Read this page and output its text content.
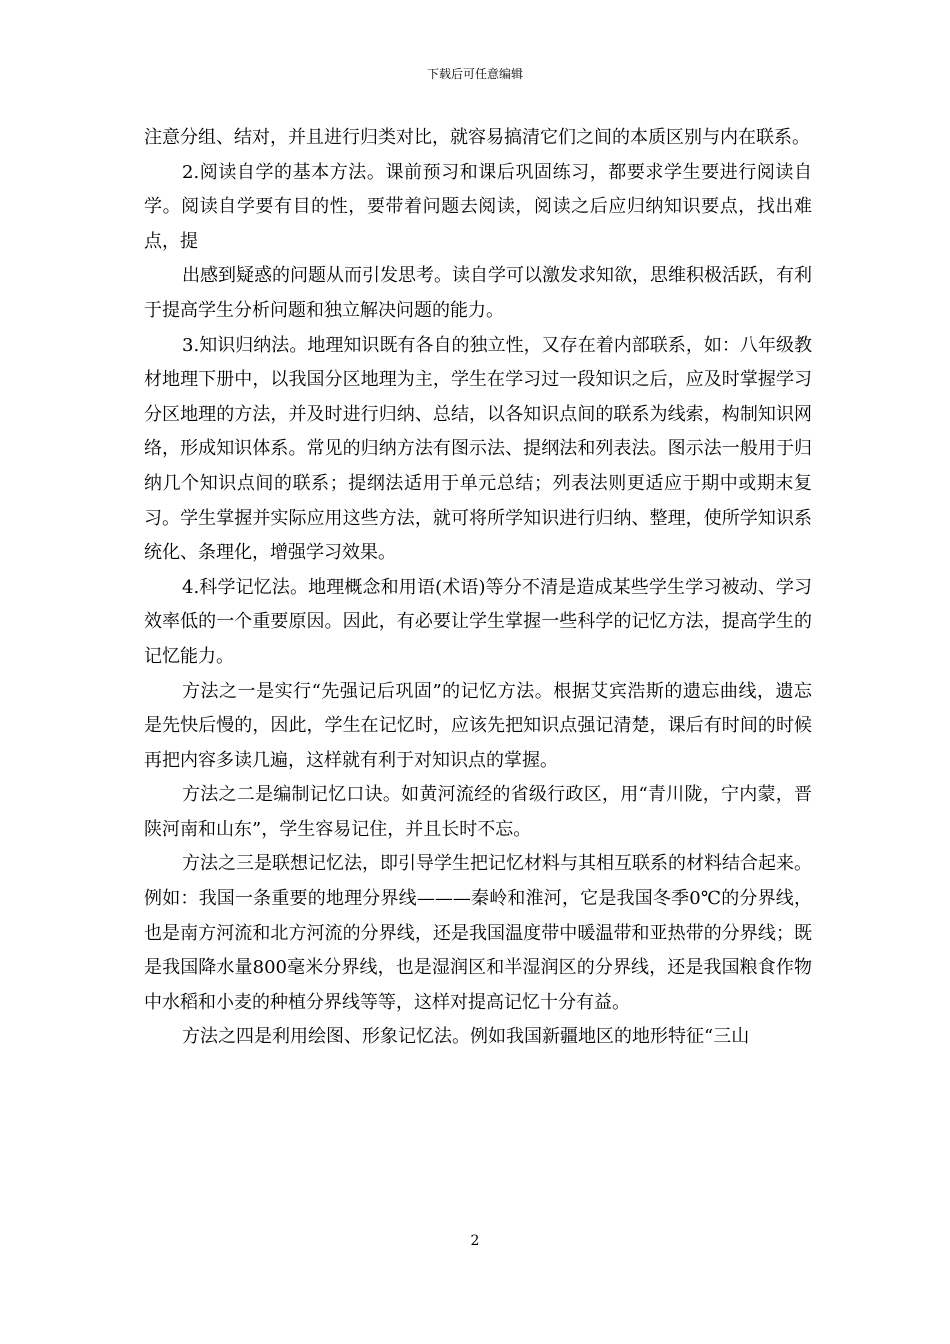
下载后可任意编辑

注意分组、结对，并且进行归类对比，就容易搞清它们之间的本质区别与内在联系。

2.阅读自学的基本方法。课前预习和课后巩固练习，都要求学生要进行阅读自学。阅读自学要有目的性，要带着问题去阅读，阅读之后应归纳知识要点，找出难点，提

出感到疑惑的问题从而引发思考。读自学可以激发求知欲，思维积极活跃，有利于提高学生分析问题和独立解决问题的能力。

3.知识归纳法。地理知识既有各自的独立性，又存在着内部联系，如：八年级教材地理下册中，以我国分区地理为主，学生在学习过一段知识之后，应及时掌握学习分区地理的方法，并及时进行归纳、总结，以各知识点间的联系为线索，构制知识网络，形成知识体系。常见的归纳方法有图示法、提纲法和列表法。图示法一般用于归纳几个知识点间的联系；提纲法适用于单元总结；列表法则更适应于期中或期末复习。学生掌握并实际应用这些方法，就可将所学知识进行归纳、整理，使所学知识系统化、条理化，增强学习效果。

4.科学记忆法。地理概念和用语(术语)等分不清是造成某些学生学习被动、学习效率低的一个重要原因。因此，有必要让学生掌握一些科学的记忆方法，提高学生的记忆能力。

方法之一是实行“先强记后巩固”的记忆方法。根据艾宾浩斯的遗忘曲线，遗忘是先快后慢的，因此，学生在记忆时，应该先把知识点强记清楚，课后有时间的时候再把内容多读几遍，这样就有利于对知识点的掌握。

方法之二是编制记忆口诀。如黄河流经的省级行政区，用“青川陇，宁内蒙，晋陕河南和山东”，学生容易记住，并且长时不忘。

方法之三是联想记忆法，即引导学生把记忆材料与其相互联系的材料结合起来。例如：我国一条重要的地理分界线———秦岭和淮河，它是我国冬季0℃的分界线，也是南方河流和北方河流的分界线，还是我国温度带中暖温带和亚热带的分界线；既是我国降水量800毫米分界线，也是湿润区和半湿润区的分界线，还是我国粮食作物中水稻和小麦的种植分界线等等，这样对提高记忆十分有益。

方法之四是利用绘图、形象记忆法。例如我国新疆地区的地形特征“三山

2
